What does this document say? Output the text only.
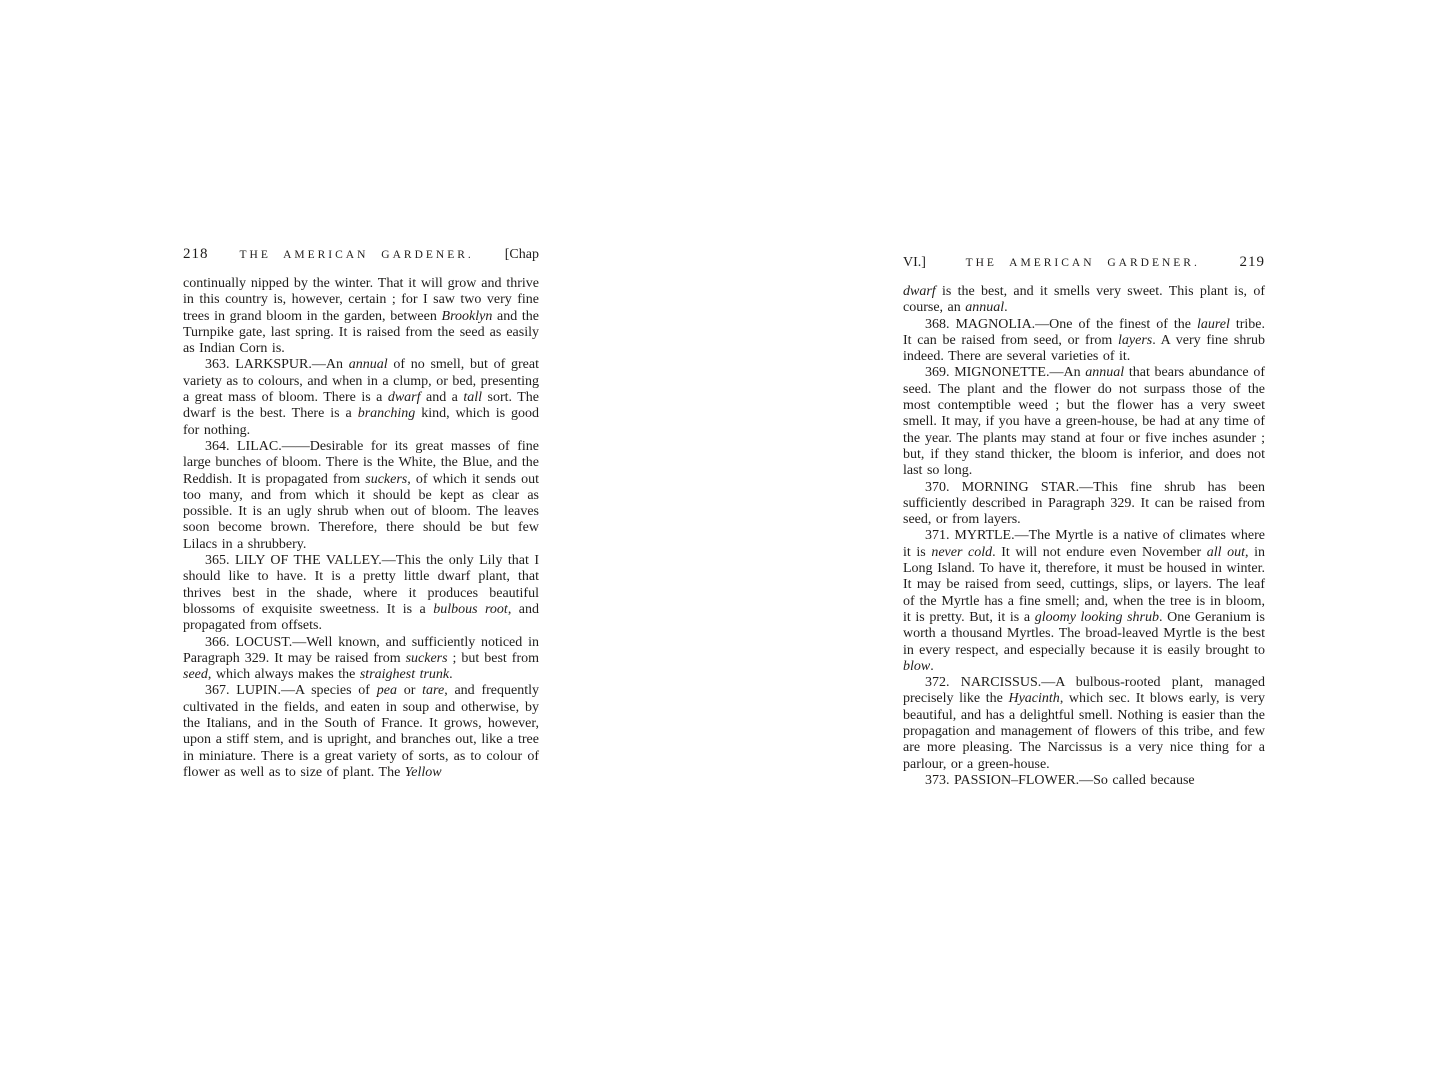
218	THE AMERICAN GARDENER. [Chap

continually nipped by the winter. That it will grow and thrive in this country is, however, certain ; for I saw two very fine trees in grand bloom in the garden, between Brooklyn and the Turnpike gate, last spring. It is raised from the seed as easily as Indian Corn is.

363. LARKSPUR.—An annual of no smell, but of great variety as to colours, and when in a clump, or bed, presenting a great mass of bloom. There is a dwarf and a tall sort. The dwarf is the best. There is a branching kind, which is good for nothing.

364. LILAC.——Desirable for its great masses of fine large bunches of bloom. There is the White, the Blue, and the Reddish. It is propagated from suckers, of which it sends out too many, and from which it should be kept as clear as possible. It is an ugly shrub when out of bloom. The leaves soon become brown. Therefore, there should be but few Lilacs in a shrubbery.

365. LILY OF THE VALLEY.—This the only Lily that I should like to have. It is a pretty little dwarf plant, that thrives best in the shade, where it produces beautiful blossoms of exquisite sweetness. It is a bulbous root, and propagated from offsets.

366. LOCUST.—Well known, and sufficiently noticed in Paragraph 329. It may be raised from suckers ; but best from seed, which always makes the straighest trunk.

367. LUPIN.—A species of pea or tare, and frequently cultivated in the fields, and eaten in soup and otherwise, by the Italians, and in the South of France. It grows, however, upon a stiff stem, and is upright, and branches out, like a tree in miniature. There is a great variety of sorts, as to colour of flower as well as to size of plant. The Yellow

VI.]	THE AMERICAN GARDENER.	219

dwarf is the best, and it smells very sweet. This plant is, of course, an annual.

368. MAGNOLIA.—One of the finest of the laurel tribe. It can be raised from seed, or from layers. A very fine shrub indeed. There are several varieties of it.

369. MIGNONETTE.—An annual that bears abundance of seed. The plant and the flower do not surpass those of the most contemptible weed ; but the flower has a very sweet smell. It may, if you have a green-house, be had at any time of the year. The plants may stand at four or five inches asunder ; but, if they stand thicker, the bloom is inferior, and does not last so long.

370. MORNING STAR.—This fine shrub has been sufficiently described in Paragraph 329. It can be raised from seed, or from layers.

371. MYRTLE.—The Myrtle is a native of climates where it is never cold. It will not endure even November all out, in Long Island. To have it, therefore, it must be housed in winter. It may be raised from seed, cuttings, slips, or layers. The leaf of the Myrtle has a fine smell; and, when the tree is in bloom, it is pretty. But, it is a gloomy looking shrub. One Geranium is worth a thousand Myrtles. The broad-leaved Myrtle is the best in every respect, and especially because it is easily brought to blow.

372. NARCISSUS.—A bulbous-rooted plant, managed precisely like the Hyacinth, which sec. It blows early, is very beautiful, and has a delightful smell. Nothing is easier than the propagation and management of flowers of this tribe, and few are more pleasing. The Narcissus is a very nice thing for a parlour, or a green-house.

373. PASSION–FLOWER.—So called because
